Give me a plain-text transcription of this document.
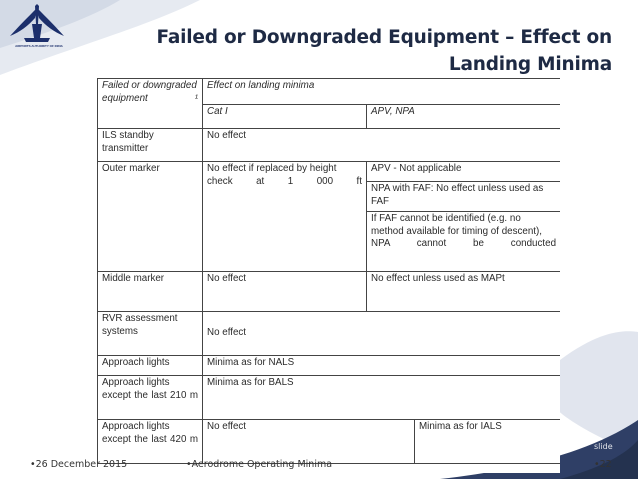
AIRPORTS AUTHORITY OF INDIA	Failed or Downgraded Equipment – Effect on Landing Minima
Failed or downgraded equipment ¹	Effect on landing minima		
	Cat I	APV, NPA	
ILS standby transmitter	No effect		
Outer marker	No effect if replaced by height check at 1 000 ft	APV - Not applicable	
		NPA with FAF: No effect unless used as FAF	
		If FAF cannot be identified (e.g. no method available for timing of descent), NPA cannot be conducted	
Middle marker	No effect	No effect unless used as MAPt	
RVR assessment systems	No effect		
Approach lights	Minima as for NALS		
Approach lights except the last 210 m	Minima as for BALS		
Approach lights except the last 420 m	No effect		Minima as for IALS
slide
•26 December 2015	•Aerodrome Operating Minima	•22
